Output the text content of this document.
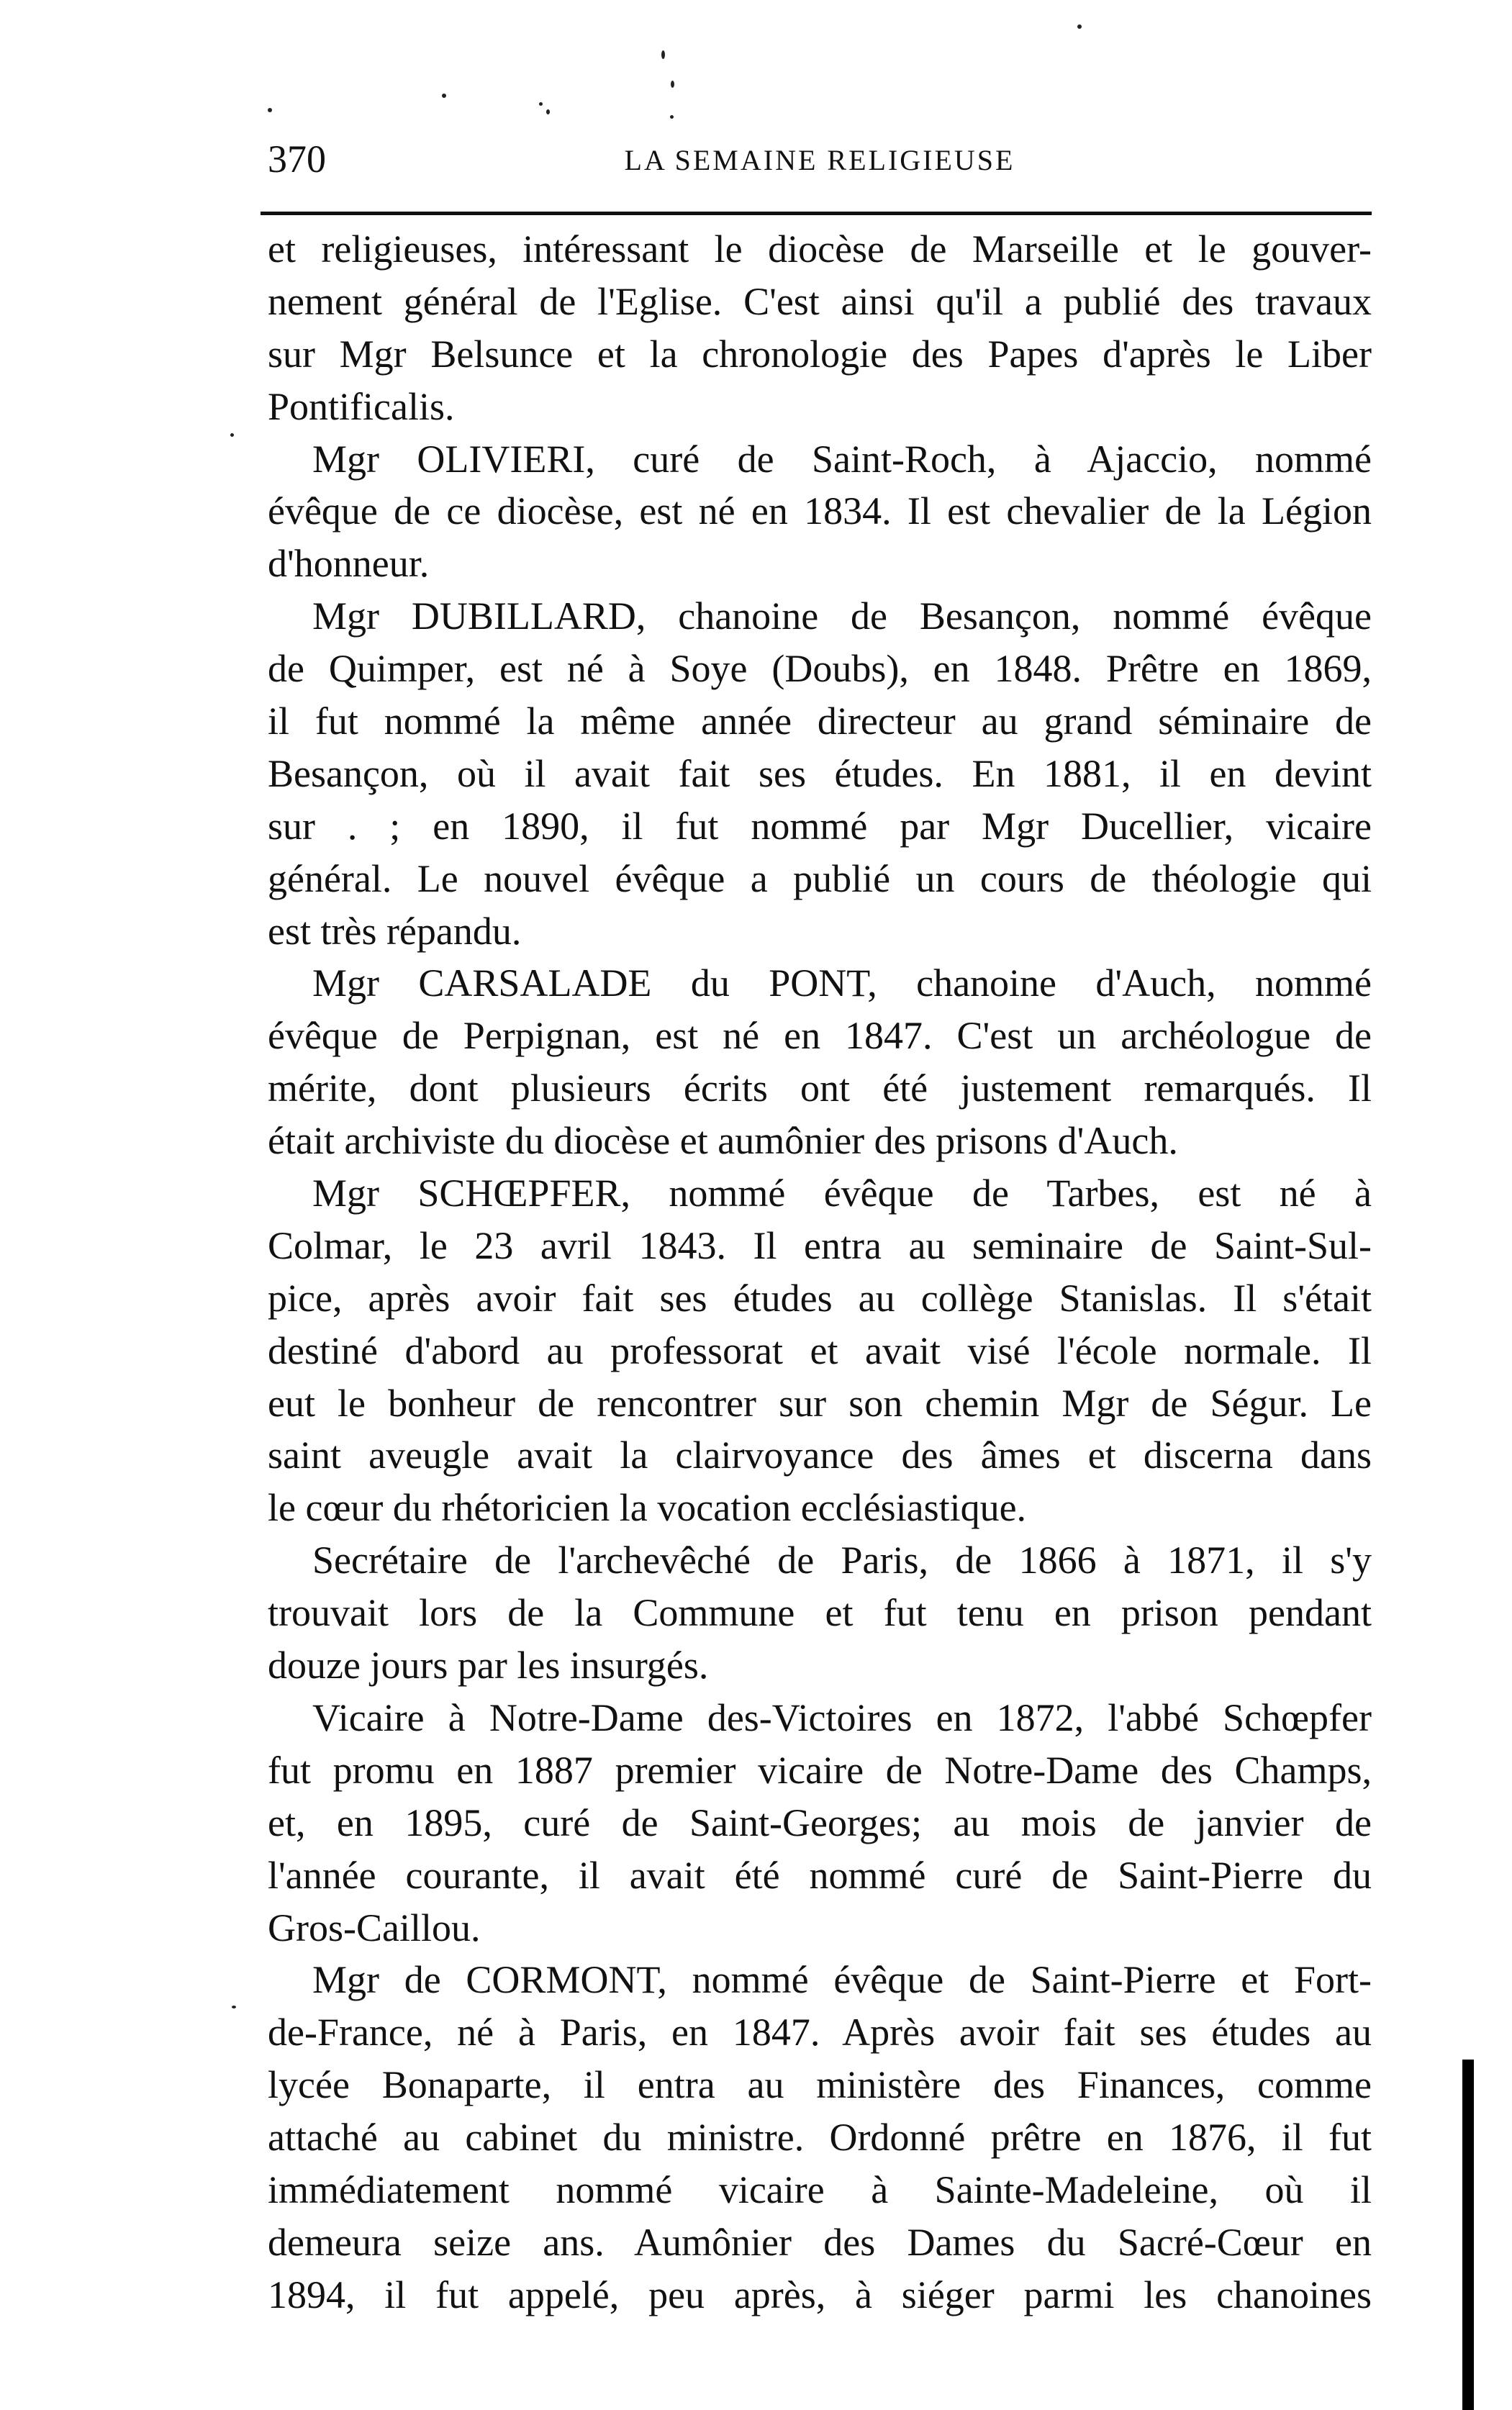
370	LA SEMAINE RELIGIEUSE
et religieuses, intéressant le diocèse de Marseille et le gouver-
nement général de l'Eglise. C'est ainsi qu'il a publié des travaux
sur Mgr Belsunce et la chronologie des Papes d'après le Liber
Pontificalis.
Mgr OLIVIERI, curé de Saint-Roch, à Ajaccio, nommé
évêque de ce diocèse, est né en 1834. Il est chevalier de la Légion
d'honneur.
Mgr DUBILLARD, chanoine de Besançon, nommé évêque
de Quimper, est né à Soye (Doubs), en 1848. Prêtre en 1869,
il fut nommé la même année directeur au grand séminaire de
Besançon, où il avait fait ses études. En 1881, il en devint
sur . ; en 1890, il fut nommé par Mgr Ducellier, vicaire
général. Le nouvel évêque a publié un cours de théologie qui
est très répandu.
Mgr CARSALADE du PONT, chanoine d'Auch, nommé
évêque de Perpignan, est né en 1847. C'est un archéologue de
mérite, dont plusieurs écrits ont été justement remarqués. Il
était archiviste du diocèse et aumônier des prisons d'Auch.
Mgr SCHŒPFER, nommé évêque de Tarbes, est né à
Colmar, le 23 avril 1843. Il entra au seminaire de Saint-Sul-
pice, après avoir fait ses études au collège Stanislas. Il s'était
destiné d'abord au professorat et avait visé l'école normale. Il
eut le bonheur de rencontrer sur son chemin Mgr de Ségur. Le
saint aveugle avait la clairvoyance des âmes et discerna dans
le cœur du rhétoricien la vocation ecclésiastique.
Secrétaire de l'archevêché de Paris, de 1866 à 1871, il s'y
trouvait lors de la Commune et fut tenu en prison pendant
douze jours par les insurgés.
Vicaire à Notre-Dame des-Victoires en 1872, l'abbé Schœpfer
fut promu en 1887 premier vicaire de Notre-Dame des Champs,
et, en 1895, curé de Saint-Georges; au mois de janvier de
l'année courante, il avait été nommé curé de Saint-Pierre du
Gros-Caillou.
Mgr de CORMONT, nommé évêque de Saint-Pierre et Fort-
de-France, né à Paris, en 1847. Après avoir fait ses études au
lycée Bonaparte, il entra au ministère des Finances, comme
attaché au cabinet du ministre. Ordonné prêtre en 1876, il fut
immédiatement nommé vicaire à Sainte-Madeleine, où il
demeura seize ans. Aumônier des Dames du Sacré-Cœur en
1894, il fut appelé, peu après, à siéger parmi les chanoines
